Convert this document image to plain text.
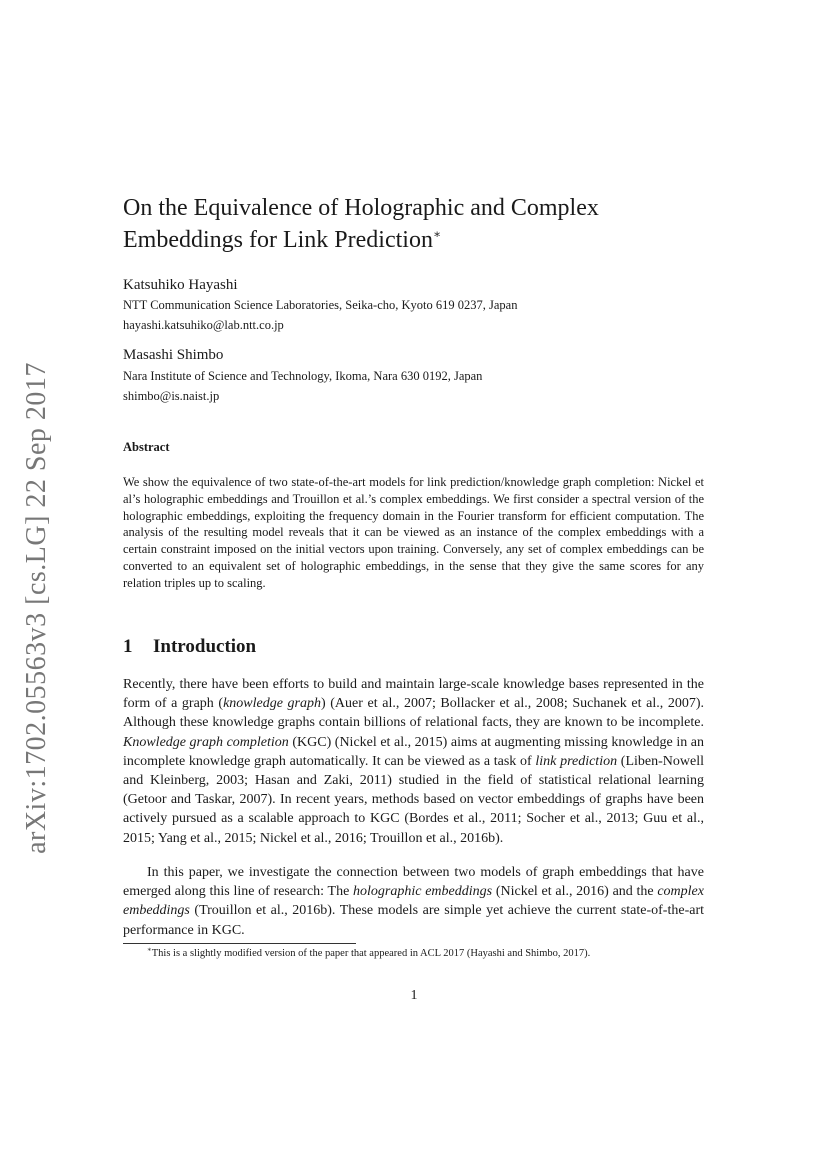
arXiv:1702.05563v3 [cs.LG] 22 Sep 2017
On the Equivalence of Holographic and Complex
Embeddings for Link Prediction∗
Katsuhiko Hayashi
NTT Communication Science Laboratories, Seika-cho, Kyoto 619 0237, Japan
hayashi.katsuhiko@lab.ntt.co.jp
Masashi Shimbo
Nara Institute of Science and Technology, Ikoma, Nara 630 0192, Japan
shimbo@is.naist.jp
Abstract

We show the equivalence of two state-of-the-art models for link prediction/knowledge graph completion: Nickel et al’s holographic embeddings and Trouillon et al.’s complex embeddings. We first consider a spectral version of the holographic embeddings, exploiting the frequency domain in the Fourier transform for efficient computation. The analysis of the resulting model reveals that it can be viewed as an instance of the complex embeddings with a certain constraint imposed on the initial vectors upon training. Conversely, any set of complex embeddings can be converted to an equivalent set of holographic embeddings, in the sense that they give the same scores for any relation triples up to scaling.

1 Introduction

Recently, there have been efforts to build and maintain large-scale knowledge bases represented in the form of a graph (knowledge graph) (Auer et al., 2007; Bollacker et al., 2008; Suchanek et al., 2007). Although these knowledge graphs contain billions of relational facts, they are known to be incomplete. Knowledge graph completion (KGC) (Nickel et al., 2015) aims at augmenting missing knowledge in an incomplete knowledge graph automatically. It can be viewed as a task of link prediction (Liben-Nowell and Kleinberg, 2003; Hasan and Zaki, 2011) studied in the field of statistical relational learning (Getoor and Taskar, 2007). In recent years, methods based on vector embeddings of graphs have been actively pursued as a scalable approach to KGC (Bordes et al., 2011; Socher et al., 2013; Guu et al., 2015; Yang et al., 2015; Nickel et al., 2016; Trouillon et al., 2016b).

In this paper, we investigate the connection between two models of graph embeddings that have emerged along this line of research: The holographic embeddings (Nickel et al., 2016) and the complex embeddings (Trouillon et al., 2016b). These models are simple yet achieve the current state-of-the-art performance in KGC.

∗This is a slightly modified version of the paper that appeared in ACL 2017 (Hayashi and Shimbo, 2017).

1
